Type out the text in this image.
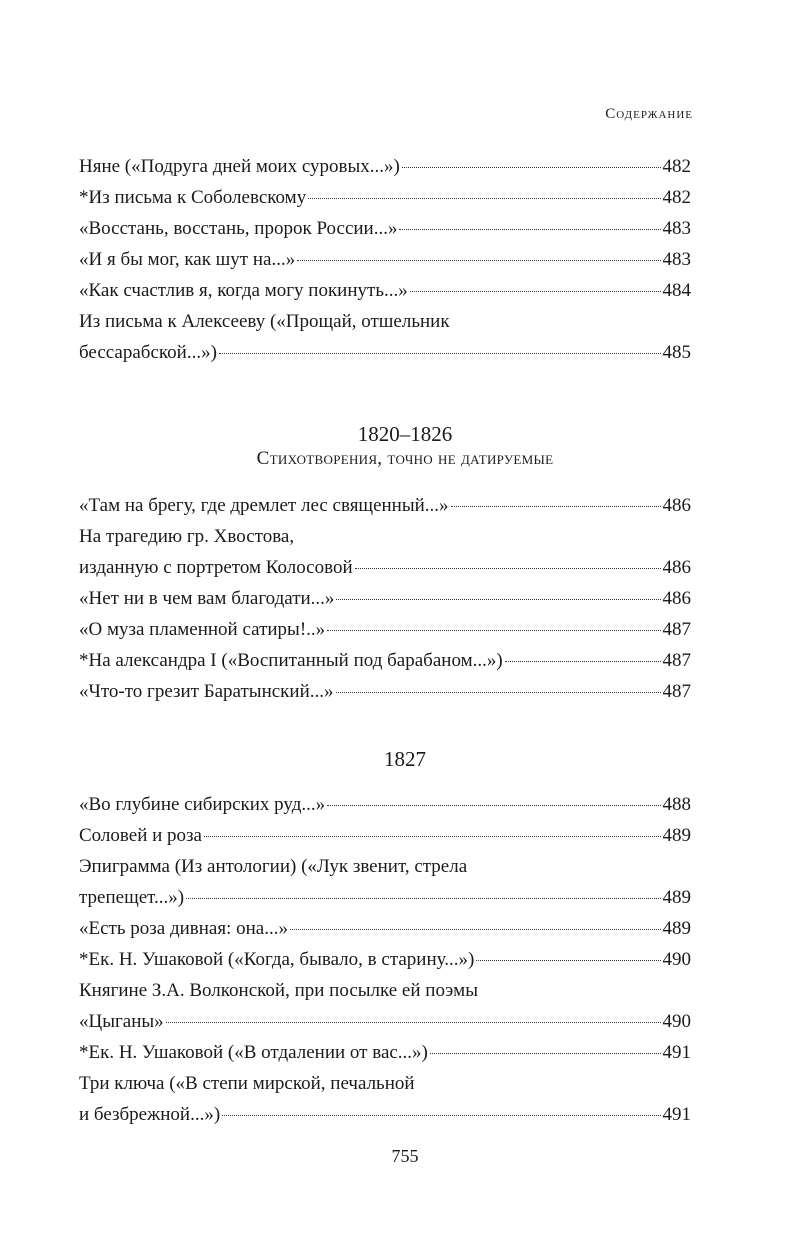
Содержание
Няне («Подруга дней моих суровых...»)	482
*Из письма к Соболевскому	482
«Восстань, восстань, пророк России...»	483
«И я бы мог, как шут на...»	483
«Как счастлив я, когда могу покинуть...»	484
Из письма к Алексееву («Прощай, отшельник
бессарабской...»)	485
1820–1826
Стихотворения, точно не датируемые
«Там на брегу, где дремлет лес священный...»	486
На трагедию гр. Хвостова,
изданную с портретом Колосовой	486
«Нет ни в чем вам благодати...»	486
«О муза пламенной сатиры!..»	487
*На александра I («Воспитанный под барабаном...»)	487
«Что-то грезит Баратынский...»	487
1827
«Во глубине сибирских руд...»	488
Соловей и роза	489
Эпиграмма (Из антологии) («Лук звенит, стрела
трепещет...»)	489
«Есть роза дивная: она...»	489
*Ек. Н. Ушаковой («Когда, бывало, в старину...»)	490
Княгине З.А. Волконской, при посылке ей поэмы
«Цыганы»	490
*Ек. Н. Ушаковой («В отдалении от вас...»)	491
Три ключа («В степи мирской, печальной
и безбрежной...»)	491
755
